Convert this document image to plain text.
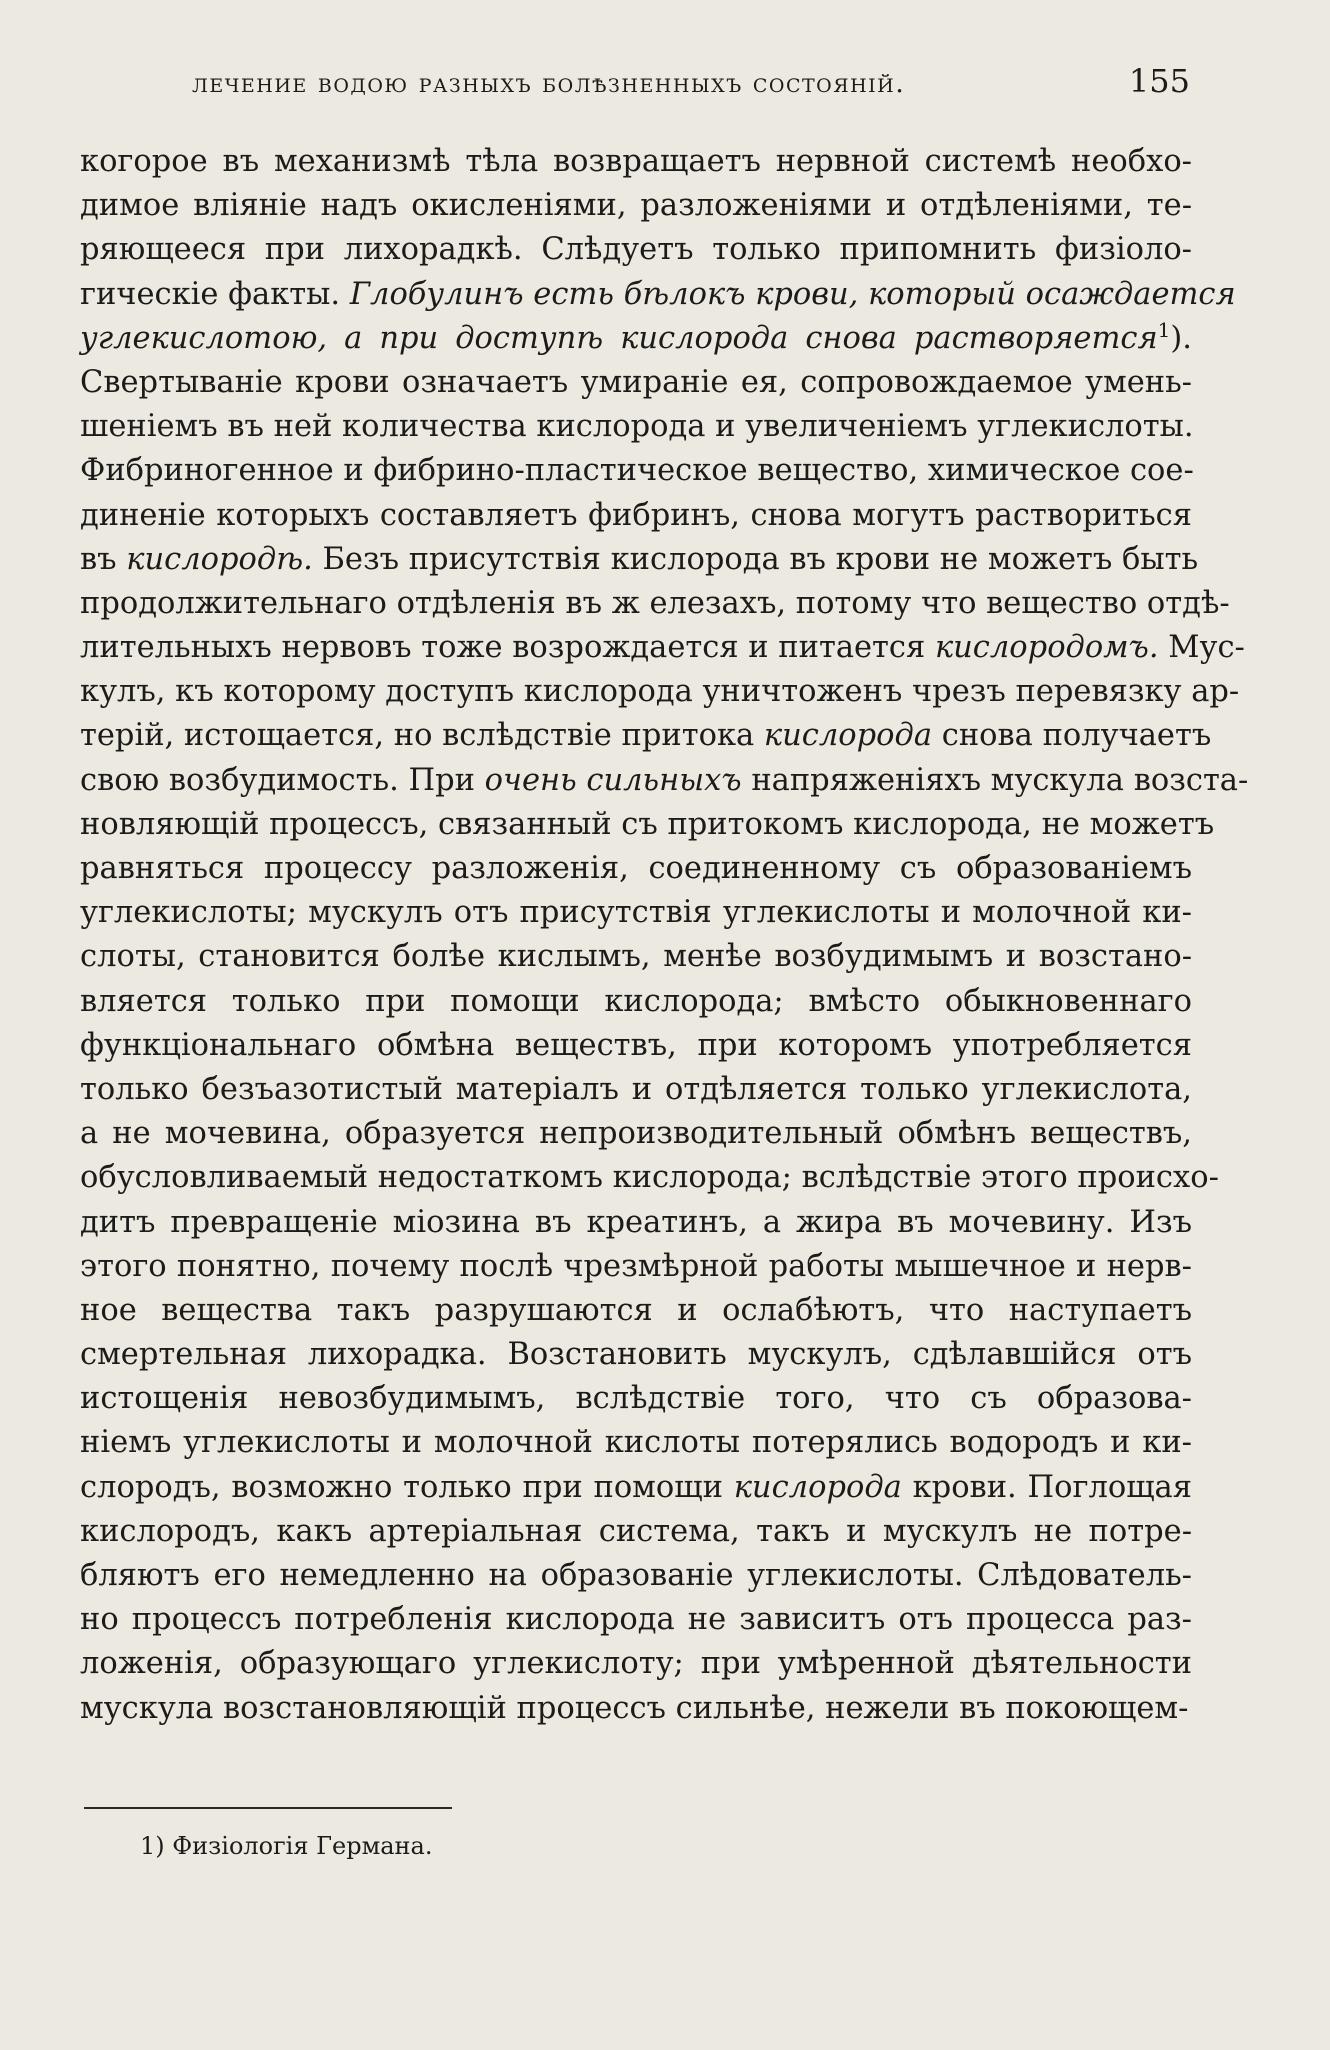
лечение водою разныхъ болѣзненныхъ состояній.	155
когорое въ механизмѣ тѣла возвращаетъ нервной системѣ необхо-
димое вліяніе надъ окисленіями, разложеніями и отдѣленіями, те-
ряющееся при лихорадкѣ. Слѣдуетъ только припомнить физіоло-
гическіе факты. Глобулинъ есть бѣлокъ крови, который осаждается
углекислотою, а при доступѣ кислорода снова растворяется$^1$).
Свертываніе крови означаетъ умираніе ея, сопровождаемое умень-
шеніемъ въ ней количества кислорода и увеличеніемъ углекислоты.
Фибриногенное и фибрино-пластическое вещество, химическое соe-
диненіе которыхъ составляетъ фибринъ, снова могутъ раствориться
въ кислородѣ. Безъ присутствія кислорода въ крови не можетъ быть
продолжительнаго отдѣленія въ ж елезахъ, потому что вещество отдѣ-
лительныхъ нервовъ тоже возрождается и питается кислородомъ. Мус-
кулъ, къ которому доступъ кислорода уничтоженъ чрезъ перевязку ар-
терій, истощается, но вслѣдствіе притока кислорода снова получаетъ
свою возбудимость. При очень сильныхъ напряженіяхъ мускула возста-
новляющій процессъ, связанный съ притокомъ кислорода, не можетъ
равняться процессу разложенія, соединенному съ образованіемъ
углекислоты; мускулъ отъ присутствія углекислоты и молочной ки-
слоты, становится болѣе кислымъ, менѣе возбудимымъ и возстано-
вляется только при помощи кислорода; вмѣсто обыкновеннаго
функціональнаго обмѣна веществъ, при которомъ употребляется
только безъазотистый матеріалъ и отдѣляется только углекислота,
а не мочевина, образуется непроизводительный обмѣнъ веществъ,
обусловливаемый недостаткомъ кислорода; вслѣдствіе этого происхо-
дитъ превращеніе міозина въ креатинъ, а жира въ мочевину. Изъ
этого понятно, почему послѣ чрезмѣрной работы мышечное и нерв-
ное вещества такъ разрушаются и ослабѣютъ, что наступаетъ
смертельная лихорадка. Возстановить мускулъ, сдѣлавшійся отъ
истощенія невозбудимымъ, вслѣдствіе того, что съ образова-
ніемъ углекислоты и молочной кислоты потерялись водородъ и ки-
слородъ, возможно только при помощи кислорода крови. Поглощая
кислородъ, какъ артеріальная система, такъ и мускулъ не потре-
бляютъ его немедленно на образованіе углекислоты. Слѣдователь-
но процессъ потребленія кислорода не зависитъ отъ процесса раз-
ложенія, образующаго углекислоту; при умѣренной дѣятельности
мускула возстановляющій процессъ сильнѣе, нежели въ покоющем-
1) Физіологія Германа.
